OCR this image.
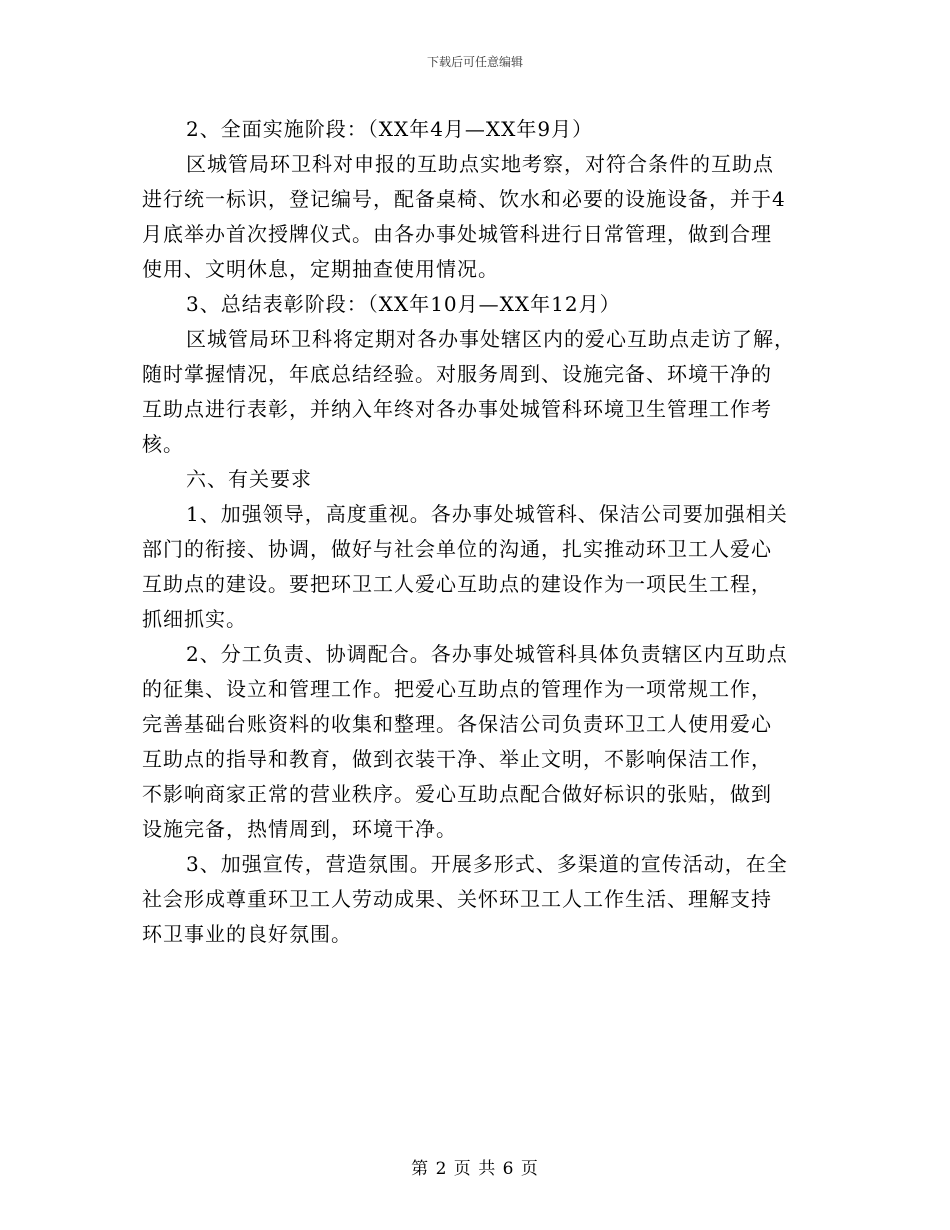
下载后可任意编辑

2、全面实施阶段：（XX年4月—XX年9月）

区城管局环卫科对申报的互助点实地考察，对符合条件的互助点

进行统一标识，登记编号，配备桌椅、饮水和必要的设施设备，并于4

月底举办首次授牌仪式。由各办事处城管科进行日常管理，做到合理

使用、文明休息，定期抽查使用情况。

3、总结表彰阶段：（XX年10月—XX年12月）

区城管局环卫科将定期对各办事处辖区内的爱心互助点走访了解，

随时掌握情况，年底总结经验。对服务周到、设施完备、环境干净的

互助点进行表彰，并纳入年终对各办事处城管科环境卫生管理工作考

核。

六、有关要求

1、加强领导，高度重视。各办事处城管科、保洁公司要加强相关

部门的衔接、协调，做好与社会单位的沟通，扎实推动环卫工人爱心

互助点的建设。要把环卫工人爱心互助点的建设作为一项民生工程，

抓细抓实。

2、分工负责、协调配合。各办事处城管科具体负责辖区内互助点

的征集、设立和管理工作。把爱心互助点的管理作为一项常规工作，

完善基础台账资料的收集和整理。各保洁公司负责环卫工人使用爱心

互助点的指导和教育，做到衣装干净、举止文明，不影响保洁工作，

不影响商家正常的营业秩序。爱心互助点配合做好标识的张贴，做到

设施完备，热情周到，环境干净。

3、加强宣传，营造氛围。开展多形式、多渠道的宣传活动，在全

社会形成尊重环卫工人劳动成果、关怀环卫工人工作生活、理解支持

环卫事业的良好氛围。

第 2 页 共 6 页
